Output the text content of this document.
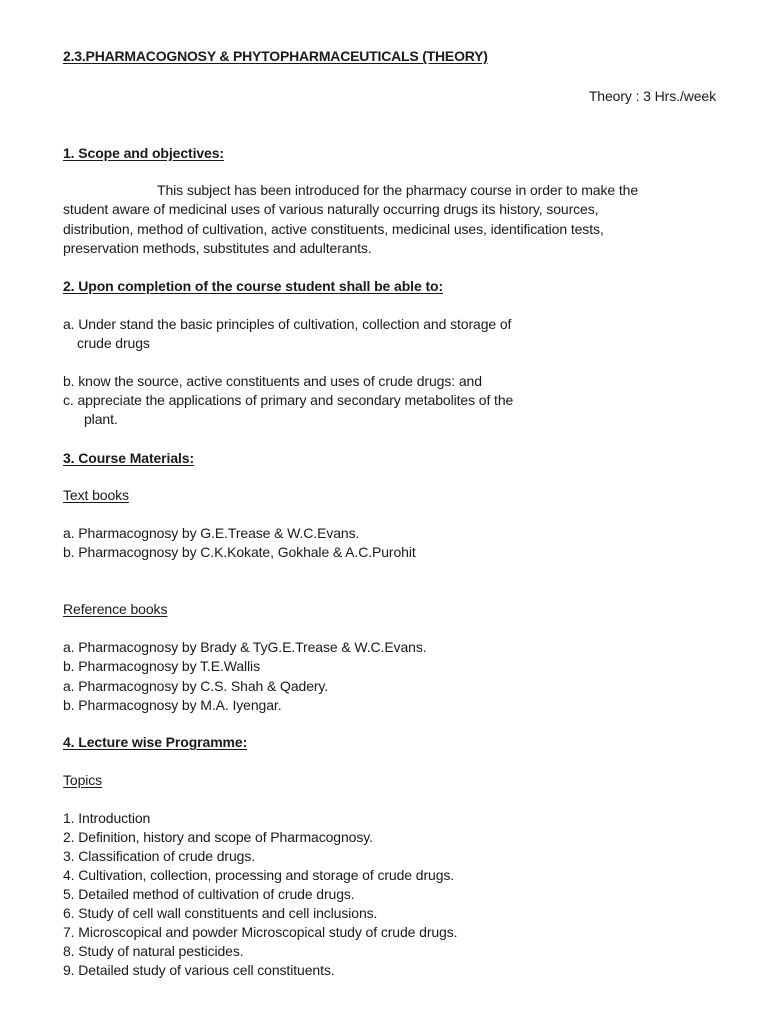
2.3.PHARMACOGNOSY & PHYTOPHARMACEUTICALS (THEORY)
Theory : 3 Hrs./week
1. Scope and objectives:
This subject has been introduced for the pharmacy course in order to make the
student aware of medicinal uses of various naturally occurring drugs its history, sources,
distribution, method of cultivation, active constituents, medicinal uses, identification tests,
preservation methods, substitutes and adulterants.
2. Upon completion of the course student shall be able to:
a. Under stand the basic principles of cultivation, collection and storage of
crude drugs
b. know the source, active constituents and uses of crude drugs: and
c. appreciate the applications of primary and secondary metabolites of the
plant.
3. Course Materials:
Text books
a. Pharmacognosy by G.E.Trease & W.C.Evans.
b. Pharmacognosy by C.K.Kokate, Gokhale & A.C.Purohit
Reference books
a. Pharmacognosy by Brady & TyG.E.Trease & W.C.Evans.
b. Pharmacognosy by T.E.Wallis
a. Pharmacognosy by C.S. Shah & Qadery.
b. Pharmacognosy by M.A. Iyengar.
4. Lecture wise Programme:
Topics
1. Introduction
2. Definition, history and scope of Pharmacognosy.
3. Classification of crude drugs.
4. Cultivation, collection, processing and storage of crude drugs.
5. Detailed method of cultivation of crude drugs.
6. Study of cell wall constituents and cell inclusions.
7. Microscopical and powder Microscopical study of crude drugs.
8. Study of natural pesticides.
9. Detailed study of various cell constituents.
